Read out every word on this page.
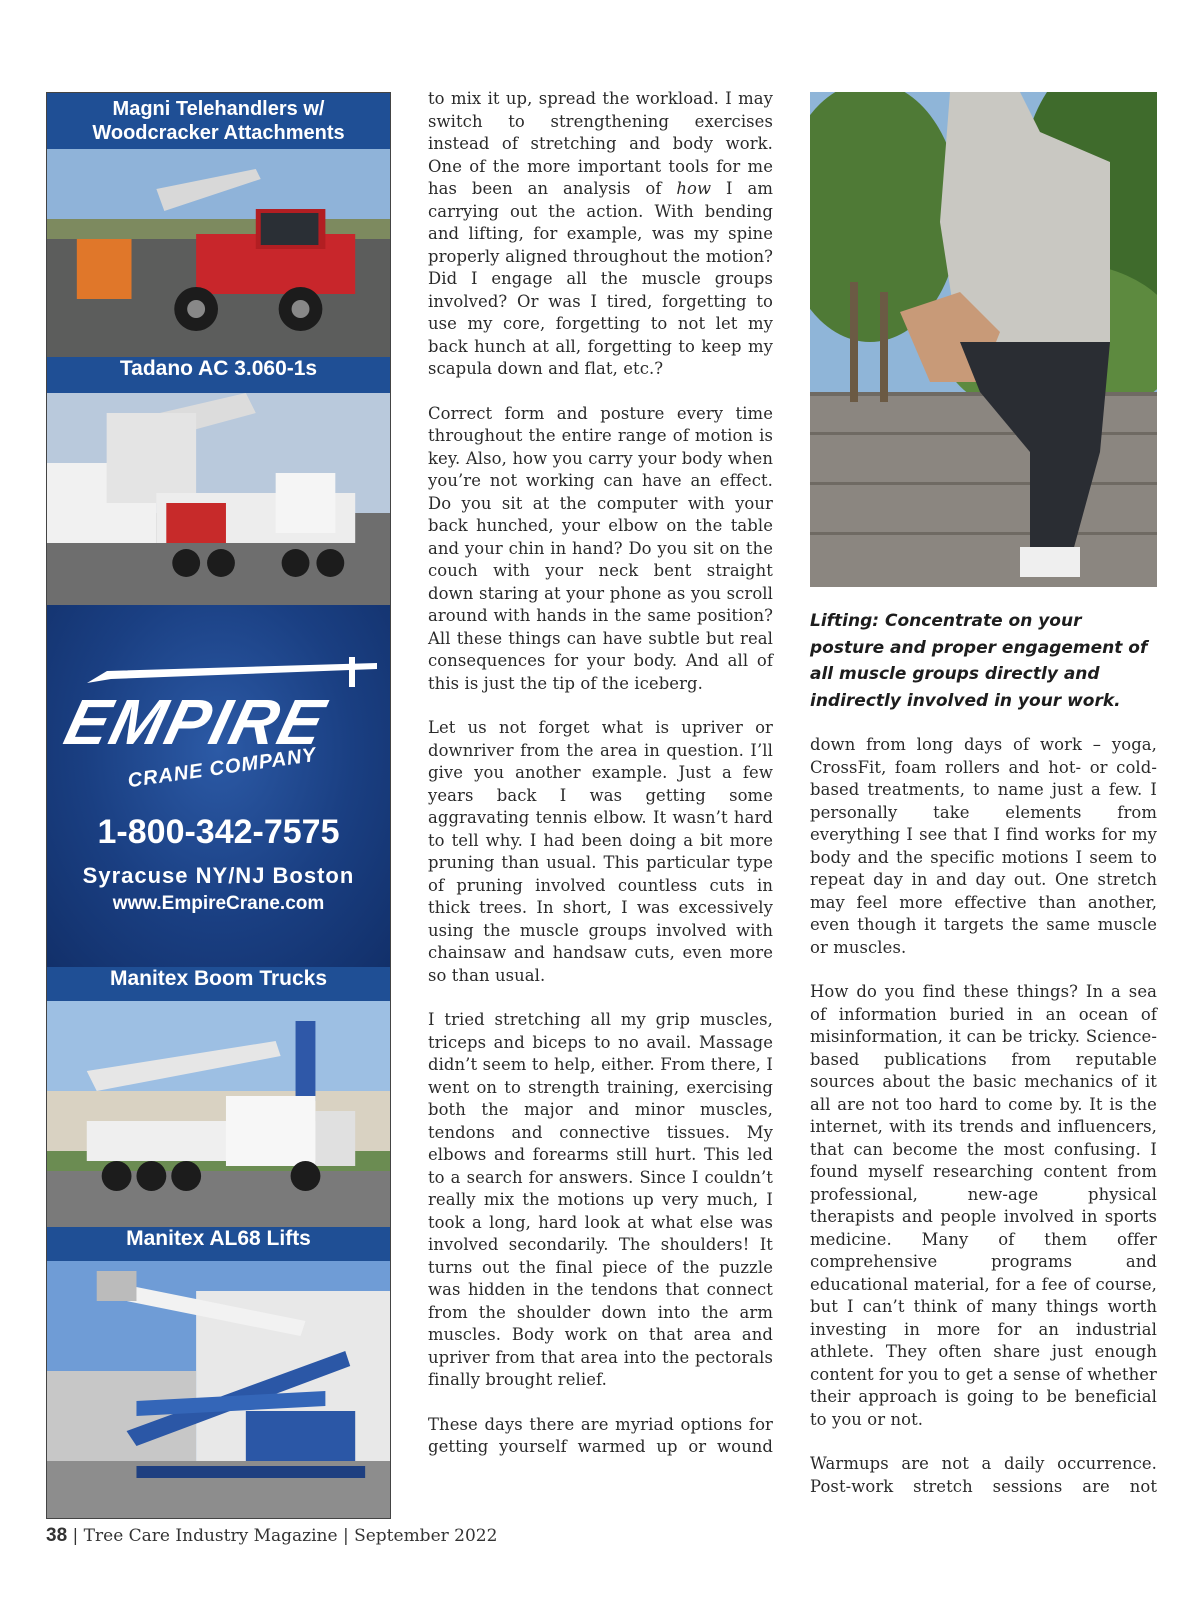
Magni Telehandlers w/
Woodcracker Attachments
Tadano AC 3.060-1s
EMPIRE
CRANE COMPANY
1-800-342-7575
Syracuse NY/NJ Boston
www.EmpireCrane.com
Manitex Boom Trucks
Manitex AL68 Lifts

to mix it up, spread the workload. I may switch to strengthening exercises instead of stretching and body work. One of the more important tools for me has been an analysis of how I am carrying out the action. With bending and lifting, for example, was my spine properly aligned throughout the motion? Did I engage all the muscle groups involved? Or was I tired, forgetting to use my core, forgetting to not let my back hunch at all, forgetting to keep my scapula down and flat, etc.?

Correct form and posture every time throughout the entire range of motion is key. Also, how you carry your body when you’re not working can have an effect. Do you sit at the computer with your back hunched, your elbow on the table and your chin in hand? Do you sit on the couch with your neck bent straight down staring at your phone as you scroll around with hands in the same position? All these things can have subtle but real consequences for your body. And all of this is just the tip of the iceberg.

Let us not forget what is upriver or downriver from the area in question. I’ll give you another example. Just a few years back I was getting some aggravating tennis elbow. It wasn’t hard to tell why. I had been doing a bit more pruning than usual. This particular type of pruning involved countless cuts in thick trees. In short, I was excessively using the muscle groups involved with chainsaw and handsaw cuts, even more so than usual.

I tried stretching all my grip muscles, triceps and biceps to no avail. Massage didn’t seem to help, either. From there, I went on to strength training, exercising both the major and minor muscles, tendons and connective tissues. My elbows and forearms still hurt. This led to a search for answers. Since I couldn’t really mix the motions up very much, I took a long, hard look at what else was involved secondarily. The shoulders! It turns out the final piece of the puzzle was hidden in the tendons that connect from the shoulder down into the arm muscles. Body work on that area and upriver from that area into the pectorals finally brought relief.

These days there are myriad options for getting yourself warmed up or wound

Lifting: Concentrate on your posture and proper engagement of all muscle groups directly and indirectly involved in your work.

down from long days of work – yoga, CrossFit, foam rollers and hot- or cold-based treatments, to name just a few. I personally take elements from everything I see that I find works for my body and the specific motions I seem to repeat day in and day out. One stretch may feel more effective than another, even though it targets the same muscle or muscles.

How do you find these things? In a sea of information buried in an ocean of misinformation, it can be tricky. Science-based publications from reputable sources about the basic mechanics of it all are not too hard to come by. It is the internet, with its trends and influencers, that can become the most confusing. I found myself researching content from professional, new-age physical therapists and people involved in sports medicine. Many of them offer comprehensive programs and educational material, for a fee of course, but I can’t think of many things worth investing in more for an industrial athlete. They often share just enough content for you to get a sense of whether their approach is going to be beneficial to you or not.

Warmups are not a daily occurrence. Post-work stretch sessions are not

38 | Tree Care Industry Magazine | September 2022
